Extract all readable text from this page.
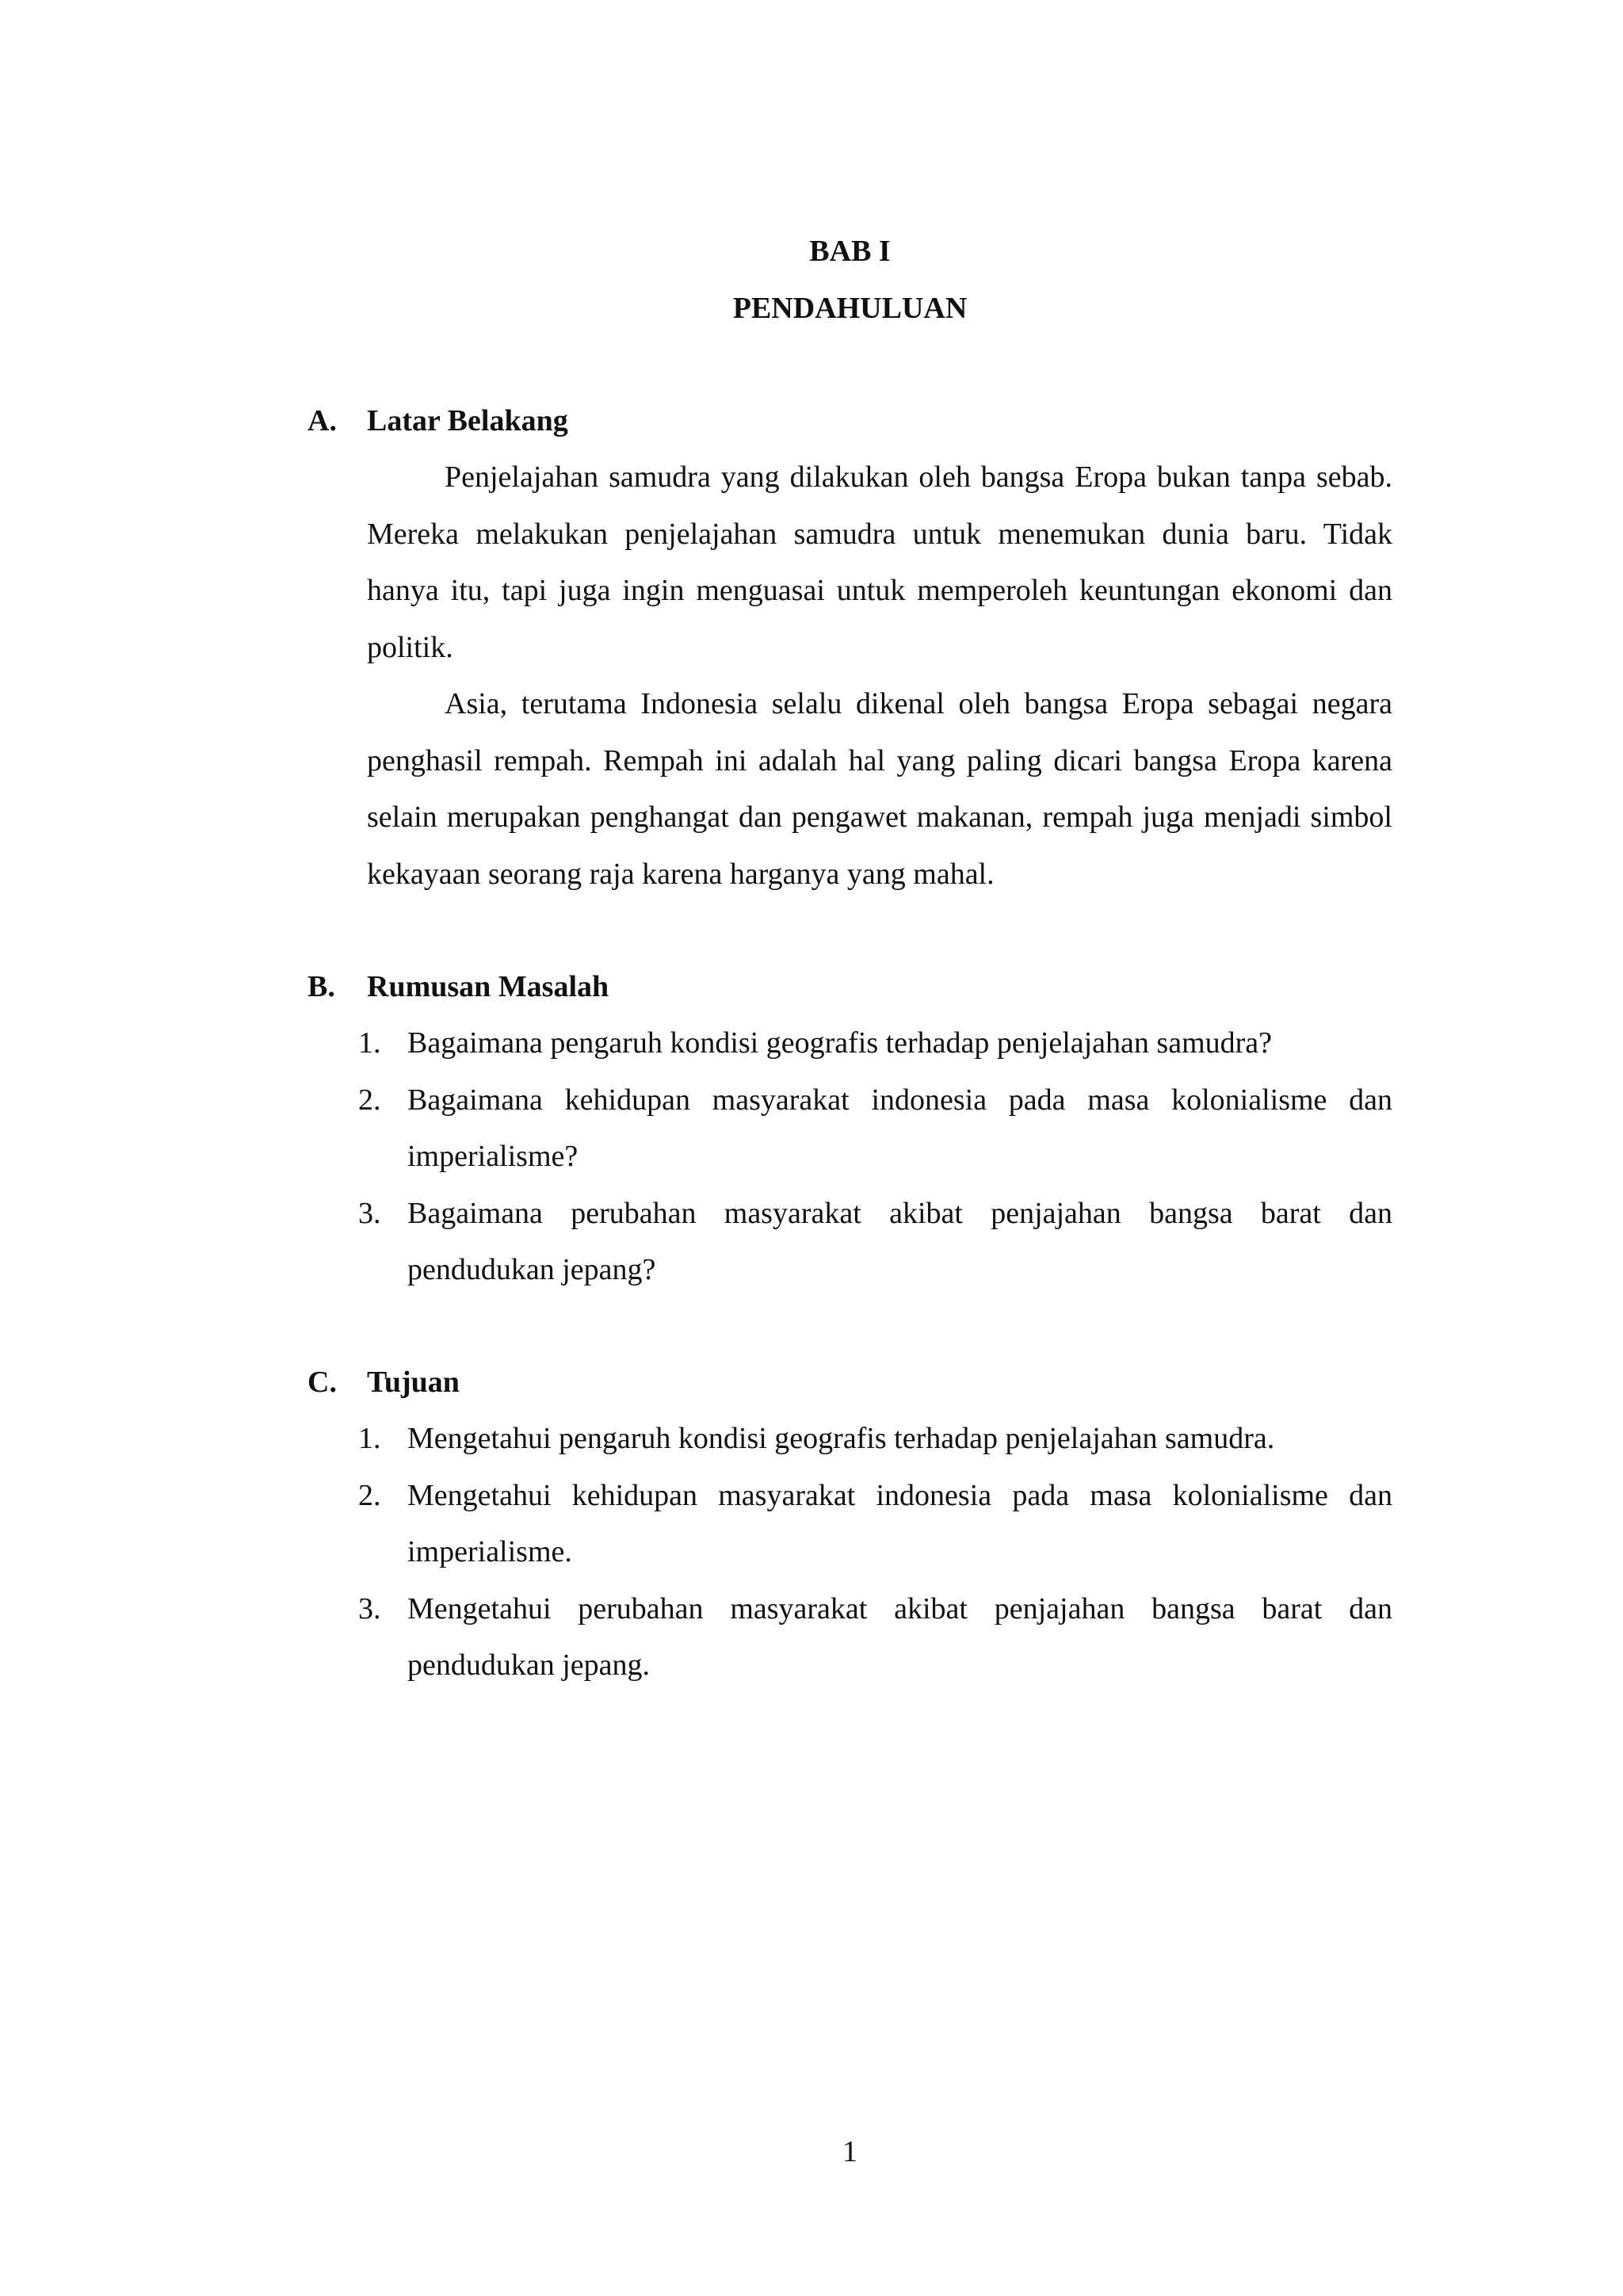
BAB I
PENDAHULUAN
A. Latar Belakang

Penjelajahan samudra yang dilakukan oleh bangsa Eropa bukan tanpa sebab. Mereka melakukan penjelajahan samudra untuk menemukan dunia baru. Tidak hanya itu, tapi juga ingin menguasai untuk memperoleh keuntungan ekonomi dan politik.

Asia, terutama Indonesia selalu dikenal oleh bangsa Eropa sebagai negara penghasil rempah. Rempah ini adalah hal yang paling dicari bangsa Eropa karena selain merupakan penghangat dan pengawet makanan, rempah juga menjadi simbol kekayaan seorang raja karena harganya yang mahal.

B. Rumusan Masalah
1. Bagaimana pengaruh kondisi geografis terhadap penjelajahan samudra?
2. Bagaimana kehidupan masyarakat indonesia pada masa kolonialisme dan imperialisme?
3. Bagaimana perubahan masyarakat akibat penjajahan bangsa barat dan pendudukan jepang?
C. Tujuan
1. Mengetahui pengaruh kondisi geografis terhadap penjelajahan samudra.
2. Mengetahui kehidupan masyarakat indonesia pada masa kolonialisme dan imperialisme.
3. Mengetahui perubahan masyarakat akibat penjajahan bangsa barat dan pendudukan jepang.
1
